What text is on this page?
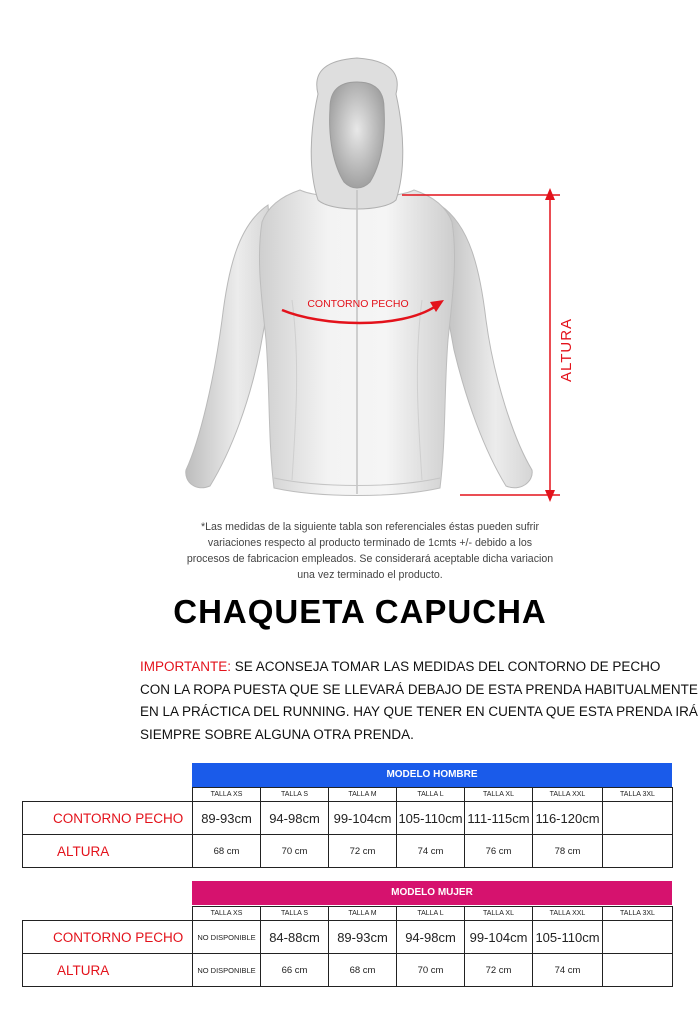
CONTORNO PECHO
ALTURA
*Las medidas de la siguiente tabla son referenciales éstas pueden sufrir
variaciones respecto al producto terminado de 1cmts +/- debido a los
procesos de fabricacion empleados. Se considerará aceptable dicha variacion
una vez terminado el producto.
CHAQUETA CAPUCHA
IMPORTANTE: SE ACONSEJA TOMAR LAS MEDIDAS DEL CONTORNO DE PECHO
CON LA ROPA PUESTA QUE SE LLEVARÁ DEBAJO DE ESTA PRENDA HABITUALMENTE
EN LA PRÁCTICA DEL RUNNING. HAY QUE TENER EN CUENTA QUE ESTA PRENDA IRÁ
SIEMPRE SOBRE ALGUNA OTRA PRENDA.
MODELO HOMBRE
	TALLA XS	TALLA S	TALLA M	TALLA L	TALLA XL	TALLA XXL	TALLA 3XL
CONTORNO PECHO	89-93cm	94-98cm	99-104cm	105-110cm	111-115cm	116-120cm	
ALTURA	68 cm	70 cm	72 cm	74 cm	76 cm	78 cm	
MODELO MUJER
	TALLA XS	TALLA S	TALLA M	TALLA L	TALLA XL	TALLA XXL	TALLA 3XL
CONTORNO PECHO	NO DISPONIBLE	84-88cm	89-93cm	94-98cm	99-104cm	105-110cm	
ALTURA	NO DISPONIBLE	66 cm	68 cm	70 cm	72 cm	74 cm	
